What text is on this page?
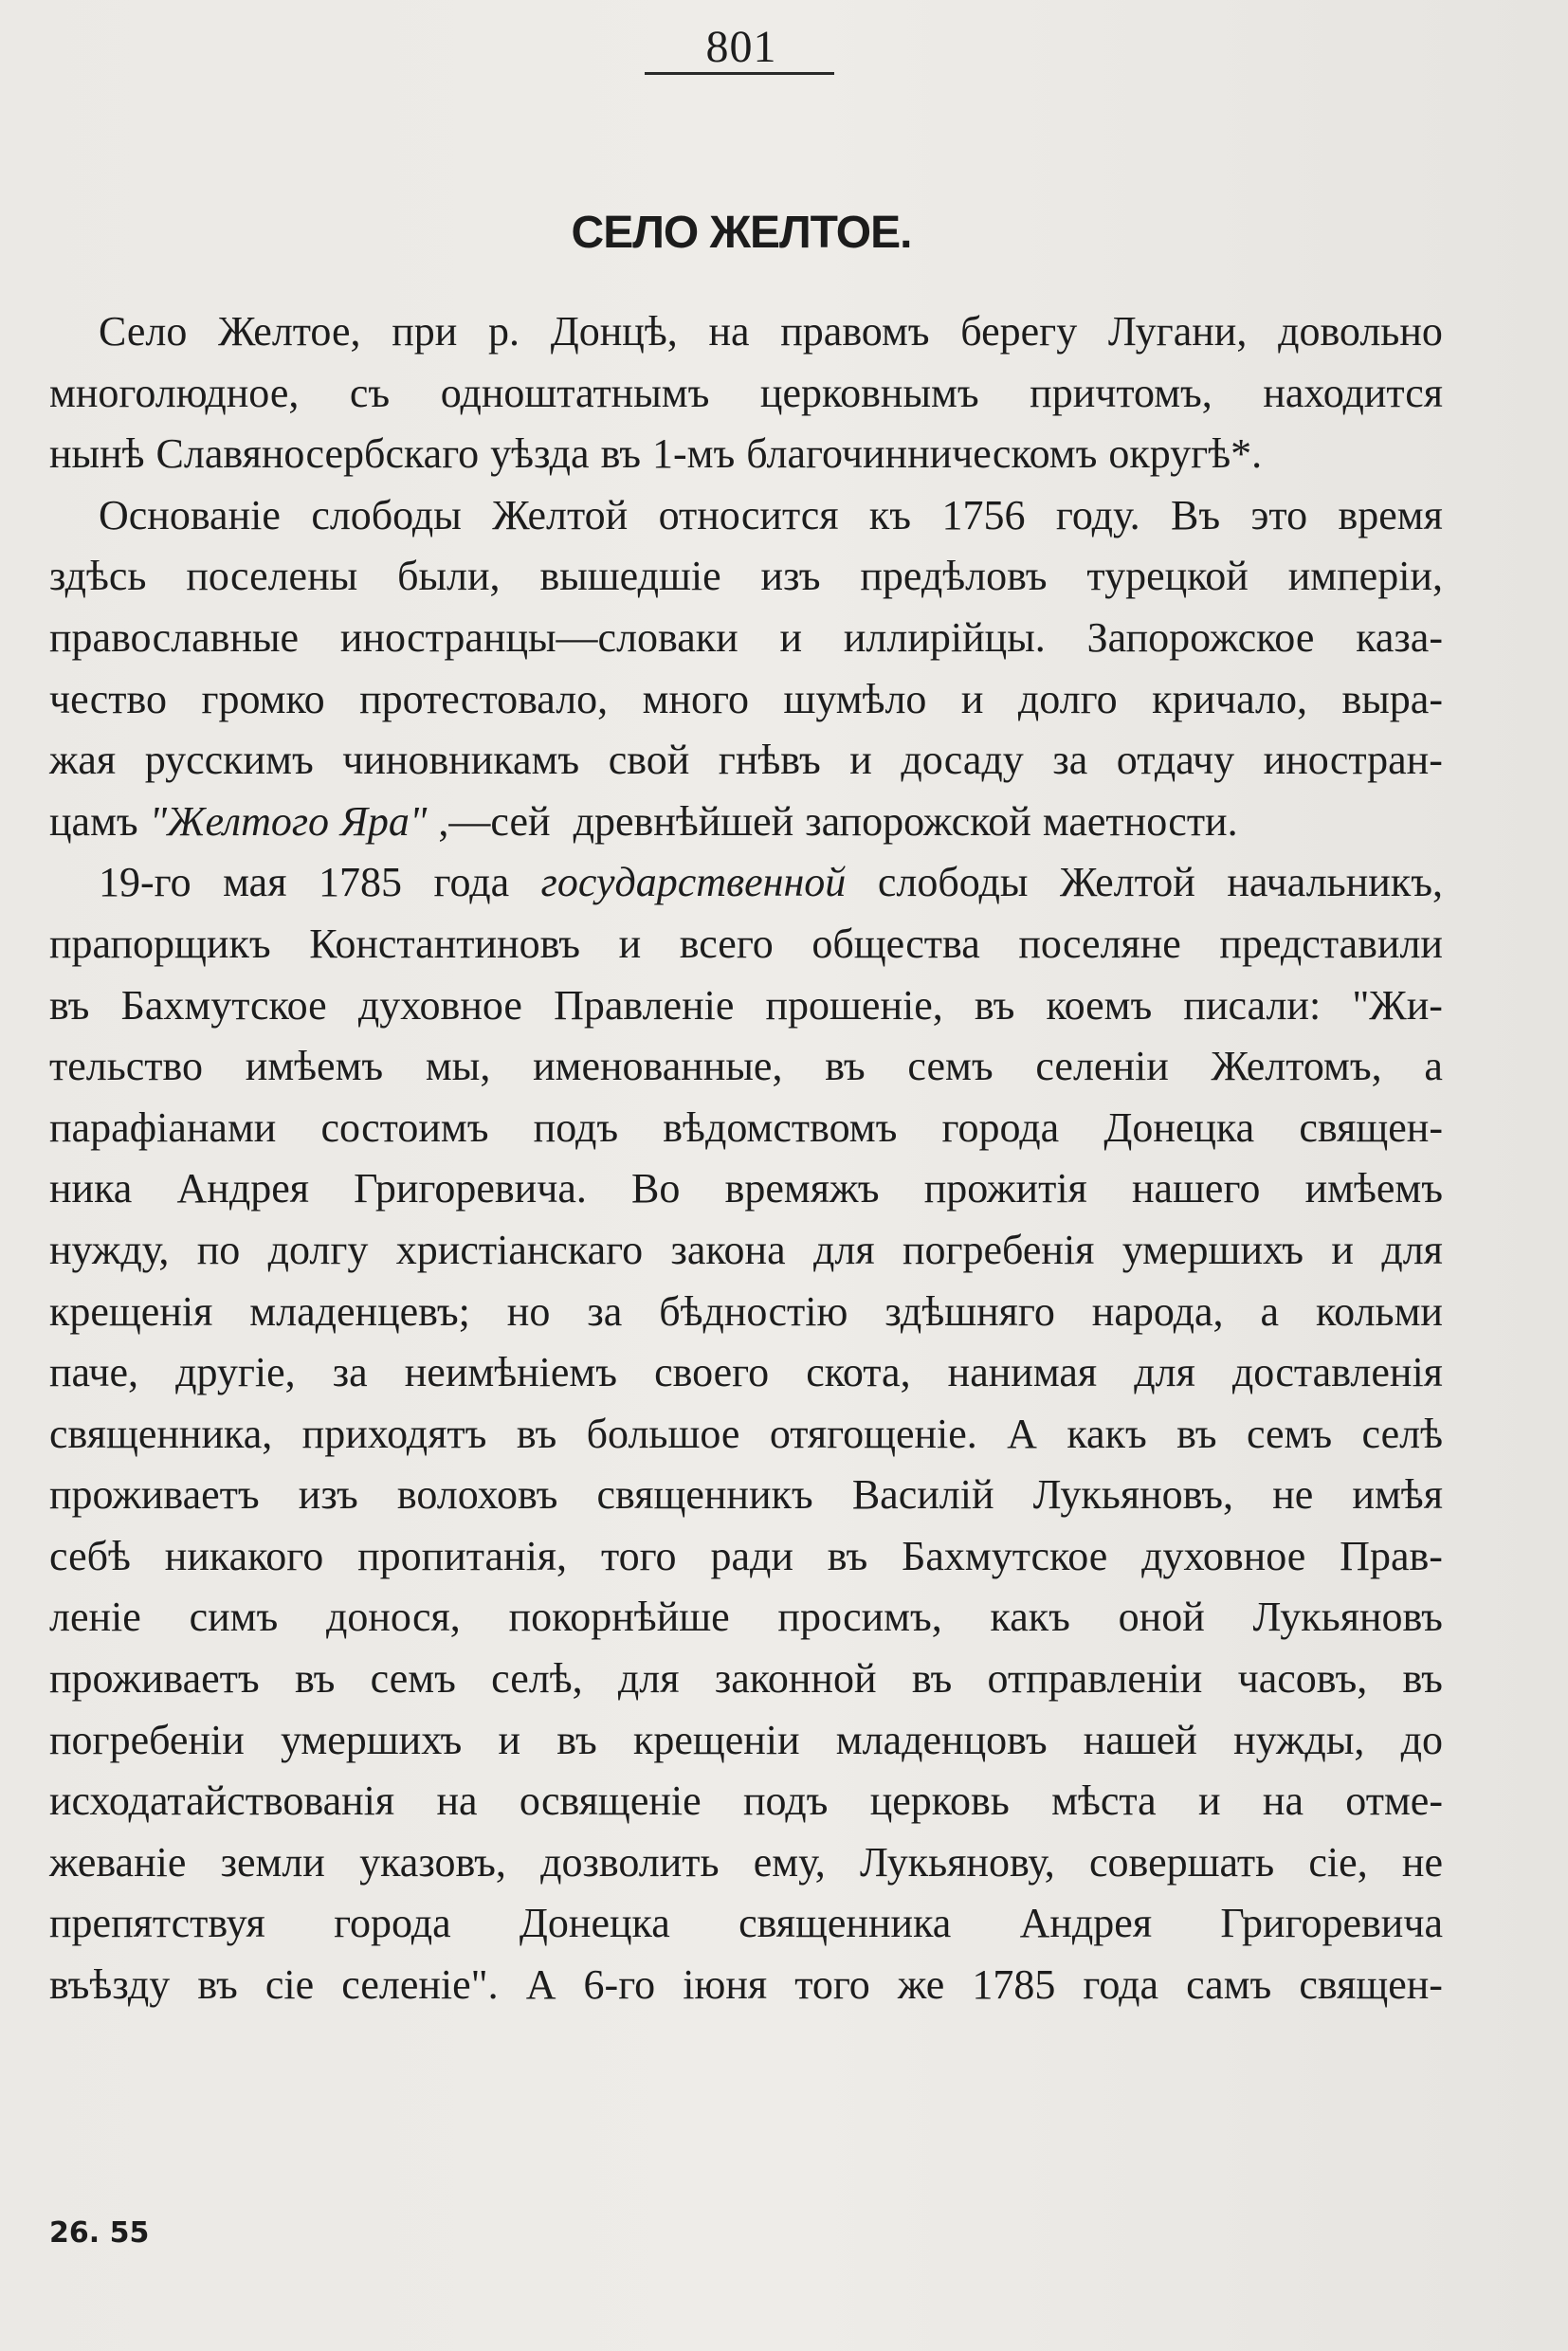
801
СЕЛО ЖЕЛТОЕ.
Село Желтое, при р. Донцѣ, на правомъ берегу Лугани, довольно
многолюдное, съ одноштатнымъ церковнымъ причтомъ, находится
нынѣ Славяносербскаго уѣзда въ 1-мъ благочинническомъ округѣ*.
Основаніе слободы Желтой относится къ 1756 году. Въ это время
здѣсь поселены были, вышедшіе изъ предѣловъ турецкой имперіи,
православные иностранцы—словаки и иллирійцы. Запорожское каза-
чество громко протестовало, много шумѣло и долго кричало, выра-
жая русскимъ чиновникамъ свой гнѣвъ и досаду за отдачу иностран-
цамъ "Желтого Яра" ,—сей древнѣйшей запорожской маетности.
19-го мая 1785 года государственной слободы Желтой начальникъ,
прапорщикъ Константиновъ и всего общества поселяне представили
въ Бахмутское духовное Правленіе прошеніе, въ коемъ писали: "Жи-
тельство имѣемъ мы, именованные, въ семъ селеніи Желтомъ, а
парафіанами состоимъ подъ вѣдомствомъ города Донецка священ-
ника Андрея Григоревича. Во времяжъ прожитія нашего имѣемъ
нужду, по долгу христіанскаго закона для погребенія умершихъ и для
крещенія младенцевъ; но за бѣдностію здѣшняго народа, а кольми
паче, другіе, за неимѣніемъ своего скота, нанимая для доставленія
священника, приходятъ въ большое отягощеніе. А какъ въ семъ селѣ
проживаетъ изъ волоховъ священникъ Василій Лукьяновъ, не имѣя
себѣ никакого пропитанія, того ради въ Бахмутское духовное Прав-
леніе симъ донося, покорнѣйше просимъ, какъ оной Лукьяновъ
проживаетъ въ семъ селѣ, для законной въ отправленіи часовъ, въ
погребеніи умершихъ и въ крещеніи младенцовъ нашей нужды, до
исходатайствованія на освященіе подъ церковь мѣста и на отме-
жеваніе земли указовъ, дозволить ему, Лукьянову, совершать сіе, не
препятствуя города Донецка священника Андрея Григоревича
въѣзду въ сіе селеніе". А 6-го іюня того же 1785 года самъ священ-
26. 55
